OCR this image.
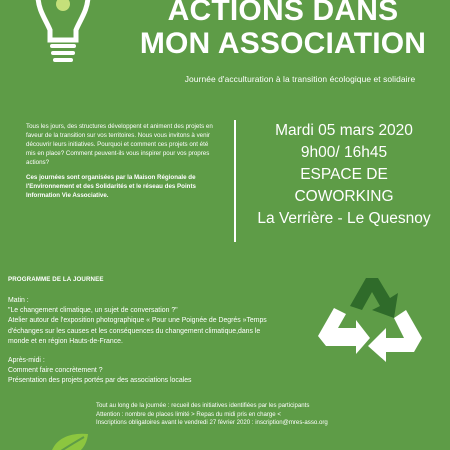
ACTIONS DANS
MON ASSOCIATION
Journée d'acculturation à la transition écologique et solidaire

Tous les jours, des structures développent et animent des projets en faveur de la transition sur vos territoires. Nous vous invitons à venir découvrir leurs initiatives. Pourquoi et comment ces projets ont été mis en place? Comment peuvent-ils vous inspirer pour vos propres actions?

Ces journées sont organisées par la Maison Régionale de l'Environnement et des Solidarités et le réseau des Points Information Vie Associative.

Mardi 05 mars 2020
9h00/ 16h45
ESPACE DE
COWORKING
La Verrière - Le Quesnoy
PROGRAMME DE LA JOURNEE
Matin :
"Le changement climatique, un sujet de conversation ?"
Atelier autour de l'exposition photographique « Pour une Poignée de Degrés »Temps
d'échanges sur les causes et les conséquences du changement climatique,dans le
monde et en région Hauts-de-France.
Après-midi :
Comment faire concrètement ?
Présentation des projets portés par des associations locales
Tout au long de la journée : recueil des initiatives identifiées par les participants
Attention : nombre de places limité > Repas du midi pris en charge <
Inscriptions obligatoires avant le vendredi 27 février 2020 : inscription@mres-asso.org
